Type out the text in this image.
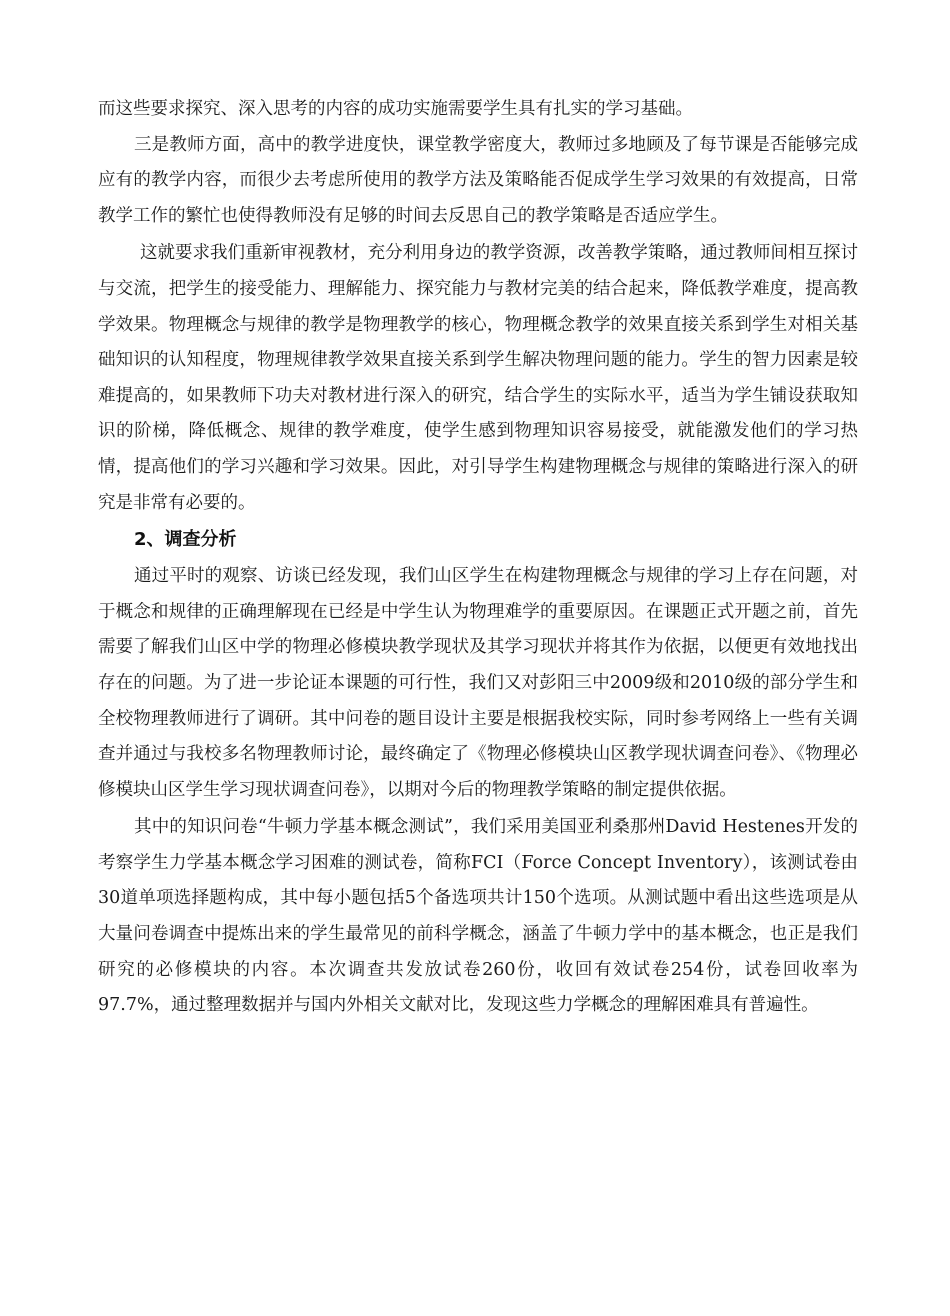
而这些要求探究、深入思考的内容的成功实施需要学生具有扎实的学习基础。

三是教师方面，高中的教学进度快，课堂教学密度大，教师过多地顾及了每节课是否能够完成应有的教学内容，而很少去考虑所使用的教学方法及策略能否促成学生学习效果的有效提高，日常教学工作的繁忙也使得教师没有足够的时间去反思自己的教学策略是否适应学生。

这就要求我们重新审视教材，充分利用身边的教学资源，改善教学策略，通过教师间相互探讨与交流，把学生的接受能力、理解能力、探究能力与教材完美的结合起来，降低教学难度，提高教学效果。物理概念与规律的教学是物理教学的核心，物理概念教学的效果直接关系到学生对相关基础知识的认知程度，物理规律教学效果直接关系到学生解决物理问题的能力。学生的智力因素是较难提高的，如果教师下功夫对教材进行深入的研究，结合学生的实际水平，适当为学生铺设获取知识的阶梯，降低概念、规律的教学难度，使学生感到物理知识容易接受，就能激发他们的学习热情，提高他们的学习兴趣和学习效果。因此，对引导学生构建物理概念与规律的策略进行深入的研究是非常有必要的。

2、调查分析

通过平时的观察、访谈已经发现，我们山区学生在构建物理概念与规律的学习上存在问题，对于概念和规律的正确理解现在已经是中学生认为物理难学的重要原因。在课题正式开题之前，首先需要了解我们山区中学的物理必修模块教学现状及其学习现状并将其作为依据，以便更有效地找出存在的问题。为了进一步论证本课题的可行性，我们又对彭阳三中2009级和2010级的部分学生和全校物理教师进行了调研。其中问卷的题目设计主要是根据我校实际，同时参考网络上一些有关调查并通过与我校多名物理教师讨论，最终确定了《物理必修模块山区教学现状调查问卷》、《物理必修模块山区学生学习现状调查问卷》，以期对今后的物理教学策略的制定提供依据。

其中的知识问卷“牛顿力学基本概念测试”，我们采用美国亚利桑那州David Hestenes开发的考察学生力学基本概念学习困难的测试卷，简称FCI（Force Concept Inventory），该测试卷由30道单项选择题构成，其中每小题包括5个备选项共计150个选项。从测试题中看出这些选项是从大量问卷调查中提炼出来的学生最常见的前科学概念，涵盖了牛顿力学中的基本概念，也正是我们研究的必修模块的内容。本次调查共发放试卷260份，收回有效试卷254份，试卷回收率为97.7%，通过整理数据并与国内外相关文献对比，发现这些力学概念的理解困难具有普遍性。
